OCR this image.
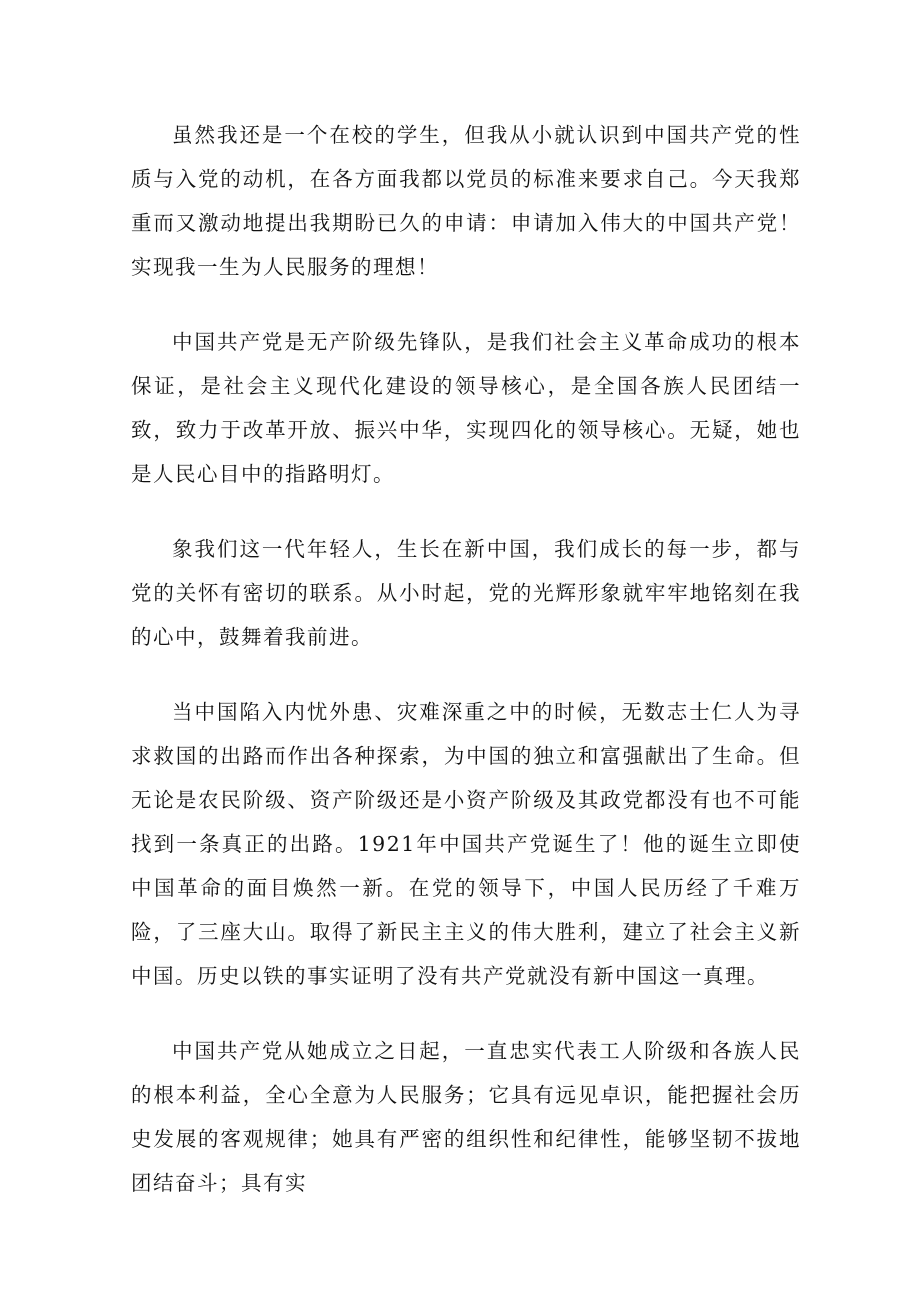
虽然我还是一个在校的学生，但我从小就认识到中国共产党的性质与入党的动机，在各方面我都以党员的标准来要求自己。今天我郑重而又激动地提出我期盼已久的申请：申请加入伟大的中国共产党！实现我一生为人民服务的理想！

中国共产党是无产阶级先锋队，是我们社会主义革命成功的根本保证，是社会主义现代化建设的领导核心，是全国各族人民团结一致，致力于改革开放、振兴中华，实现四化的领导核心。无疑，她也是人民心目中的指路明灯。

象我们这一代年轻人，生长在新中国，我们成长的每一步，都与党的关怀有密切的联系。从小时起，党的光辉形象就牢牢地铭刻在我的心中，鼓舞着我前进。

当中国陷入内忧外患、灾难深重之中的时候，无数志士仁人为寻求救国的出路而作出各种探索，为中国的独立和富强献出了生命。但无论是农民阶级、资产阶级还是小资产阶级及其政党都没有也不可能找到一条真正的出路。1921年中国共产党诞生了！他的诞生立即使中国革命的面目焕然一新。在党的领导下，中国人民历经了千难万险，了三座大山。取得了新民主主义的伟大胜利，建立了社会主义新中国。历史以铁的事实证明了没有共产党就没有新中国这一真理。

中国共产党从她成立之日起，一直忠实代表工人阶级和各族人民的根本利益，全心全意为人民服务；它具有远见卓识，能把握社会历史发展的客观规律；她具有严密的组织性和纪律性，能够坚韧不拔地团结奋斗；具有实
